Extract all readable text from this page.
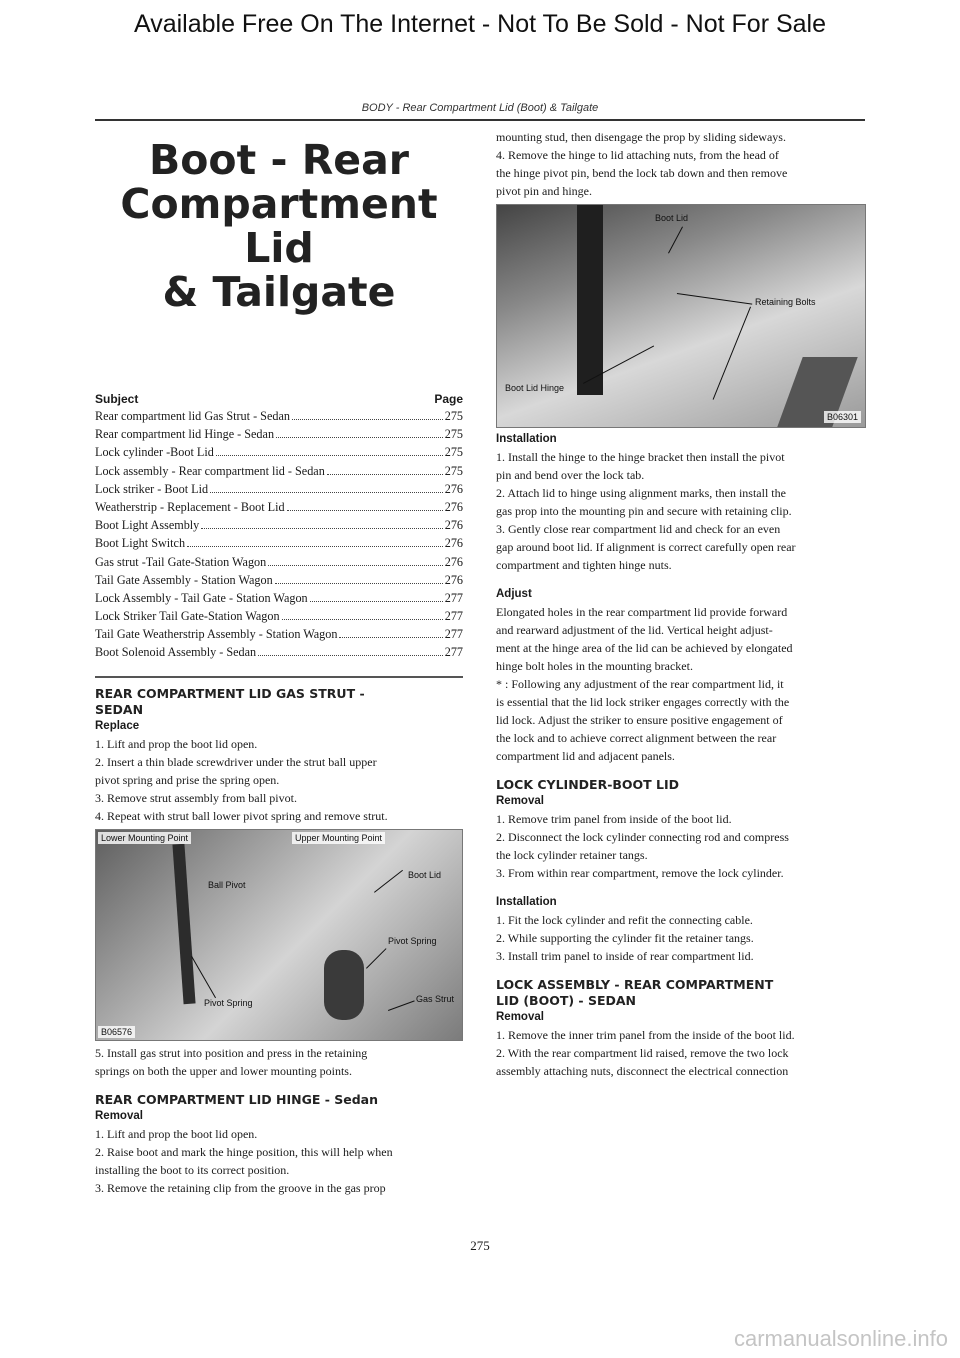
Available Free On The Internet - Not To Be Sold - Not For Sale
BODY - Rear Compartment Lid (Boot) & Tailgate
Boot - Rear
Compartment Lid
& Tailgate
Subject	Page
Rear compartment lid Gas Strut - Sedan	275
Rear compartment lid Hinge - Sedan	275
Lock cylinder -Boot Lid	275
Lock assembly - Rear compartment lid - Sedan	275
Lock striker - Boot Lid	276
Weatherstrip - Replacement - Boot Lid	276
Boot Light Assembly	276
Boot Light Switch	276
Gas strut -Tail Gate-Station Wagon	276
Tail Gate Assembly - Station Wagon	276
Lock Assembly - Tail Gate - Station Wagon	277
Lock Striker Tail Gate-Station Wagon	277
Tail Gate Weatherstrip Assembly - Station Wagon	277
Boot Solenoid Assembly - Sedan	277
REAR COMPARTMENT LID GAS STRUT -
SEDAN
Replace
1. Lift and prop the boot lid open.
2. Insert a thin blade screwdriver under the strut ball upper
pivot spring and prise the spring open.
3. Remove strut assembly from ball pivot.
4. Repeat with strut ball lower pivot spring and remove strut.
Lower Mounting Point	Upper Mounting Point
Boot Lid
Ball Pivot
Pivot Spring
Pivot Spring	Gas Strut
B06576
5. Install gas strut into position and press in the retaining
springs on both the upper and lower mounting points.
REAR COMPARTMENT LID HINGE - Sedan
Removal
1. Lift and prop the boot lid open.
2. Raise boot and mark the hinge position, this will help when
installing the boot to its correct position.
3. Remove the retaining clip from the groove in the gas prop
mounting stud, then disengage the prop by sliding sideways.
4. Remove the hinge to lid attaching nuts, from the head of
the hinge pivot pin, bend the lock tab down and then remove
pivot pin and hinge.
Boot Lid
Retaining Bolts
Boot Lid Hinge
B06301
Installation
1. Install the hinge to the hinge bracket then install the pivot
pin and bend over the lock tab.
2. Attach lid to hinge using alignment marks, then install the
gas prop into the mounting pin and secure with retaining clip.
3. Gently close rear compartment lid and check for an even
gap around boot lid. If alignment is correct carefully open rear
compartment and tighten hinge nuts.
Adjust
Elongated holes in the rear compartment lid provide forward
and rearward adjustment of the lid. Vertical height adjust-
ment at the hinge area of the lid can be achieved by elongated
hinge bolt holes in the mounting bracket.
* : Following any adjustment of the rear compartment lid, it
is essential that the lid lock striker engages correctly with the
lid lock. Adjust the striker to ensure positive engagement of
the lock and to achieve correct alignment between the rear
compartment lid and adjacent panels.
LOCK CYLINDER-BOOT LID
Removal
1. Remove trim panel from inside of the boot lid.
2. Disconnect the lock cylinder connecting rod and compress
the lock cylinder retainer tangs.
3. From within rear compartment, remove the lock cylinder.
Installation
1. Fit the lock cylinder and refit the connecting cable.
2. While supporting the cylinder fit the retainer tangs.
3. Install trim panel to inside of rear compartment lid.
LOCK ASSEMBLY - REAR COMPARTMENT
LID (BOOT) - SEDAN
Removal
1. Remove the inner trim panel from the inside of the boot lid.
2. With the rear compartment lid raised, remove the two lock
assembly attaching nuts, disconnect the electrical connection
275
carmanualsonline.info
